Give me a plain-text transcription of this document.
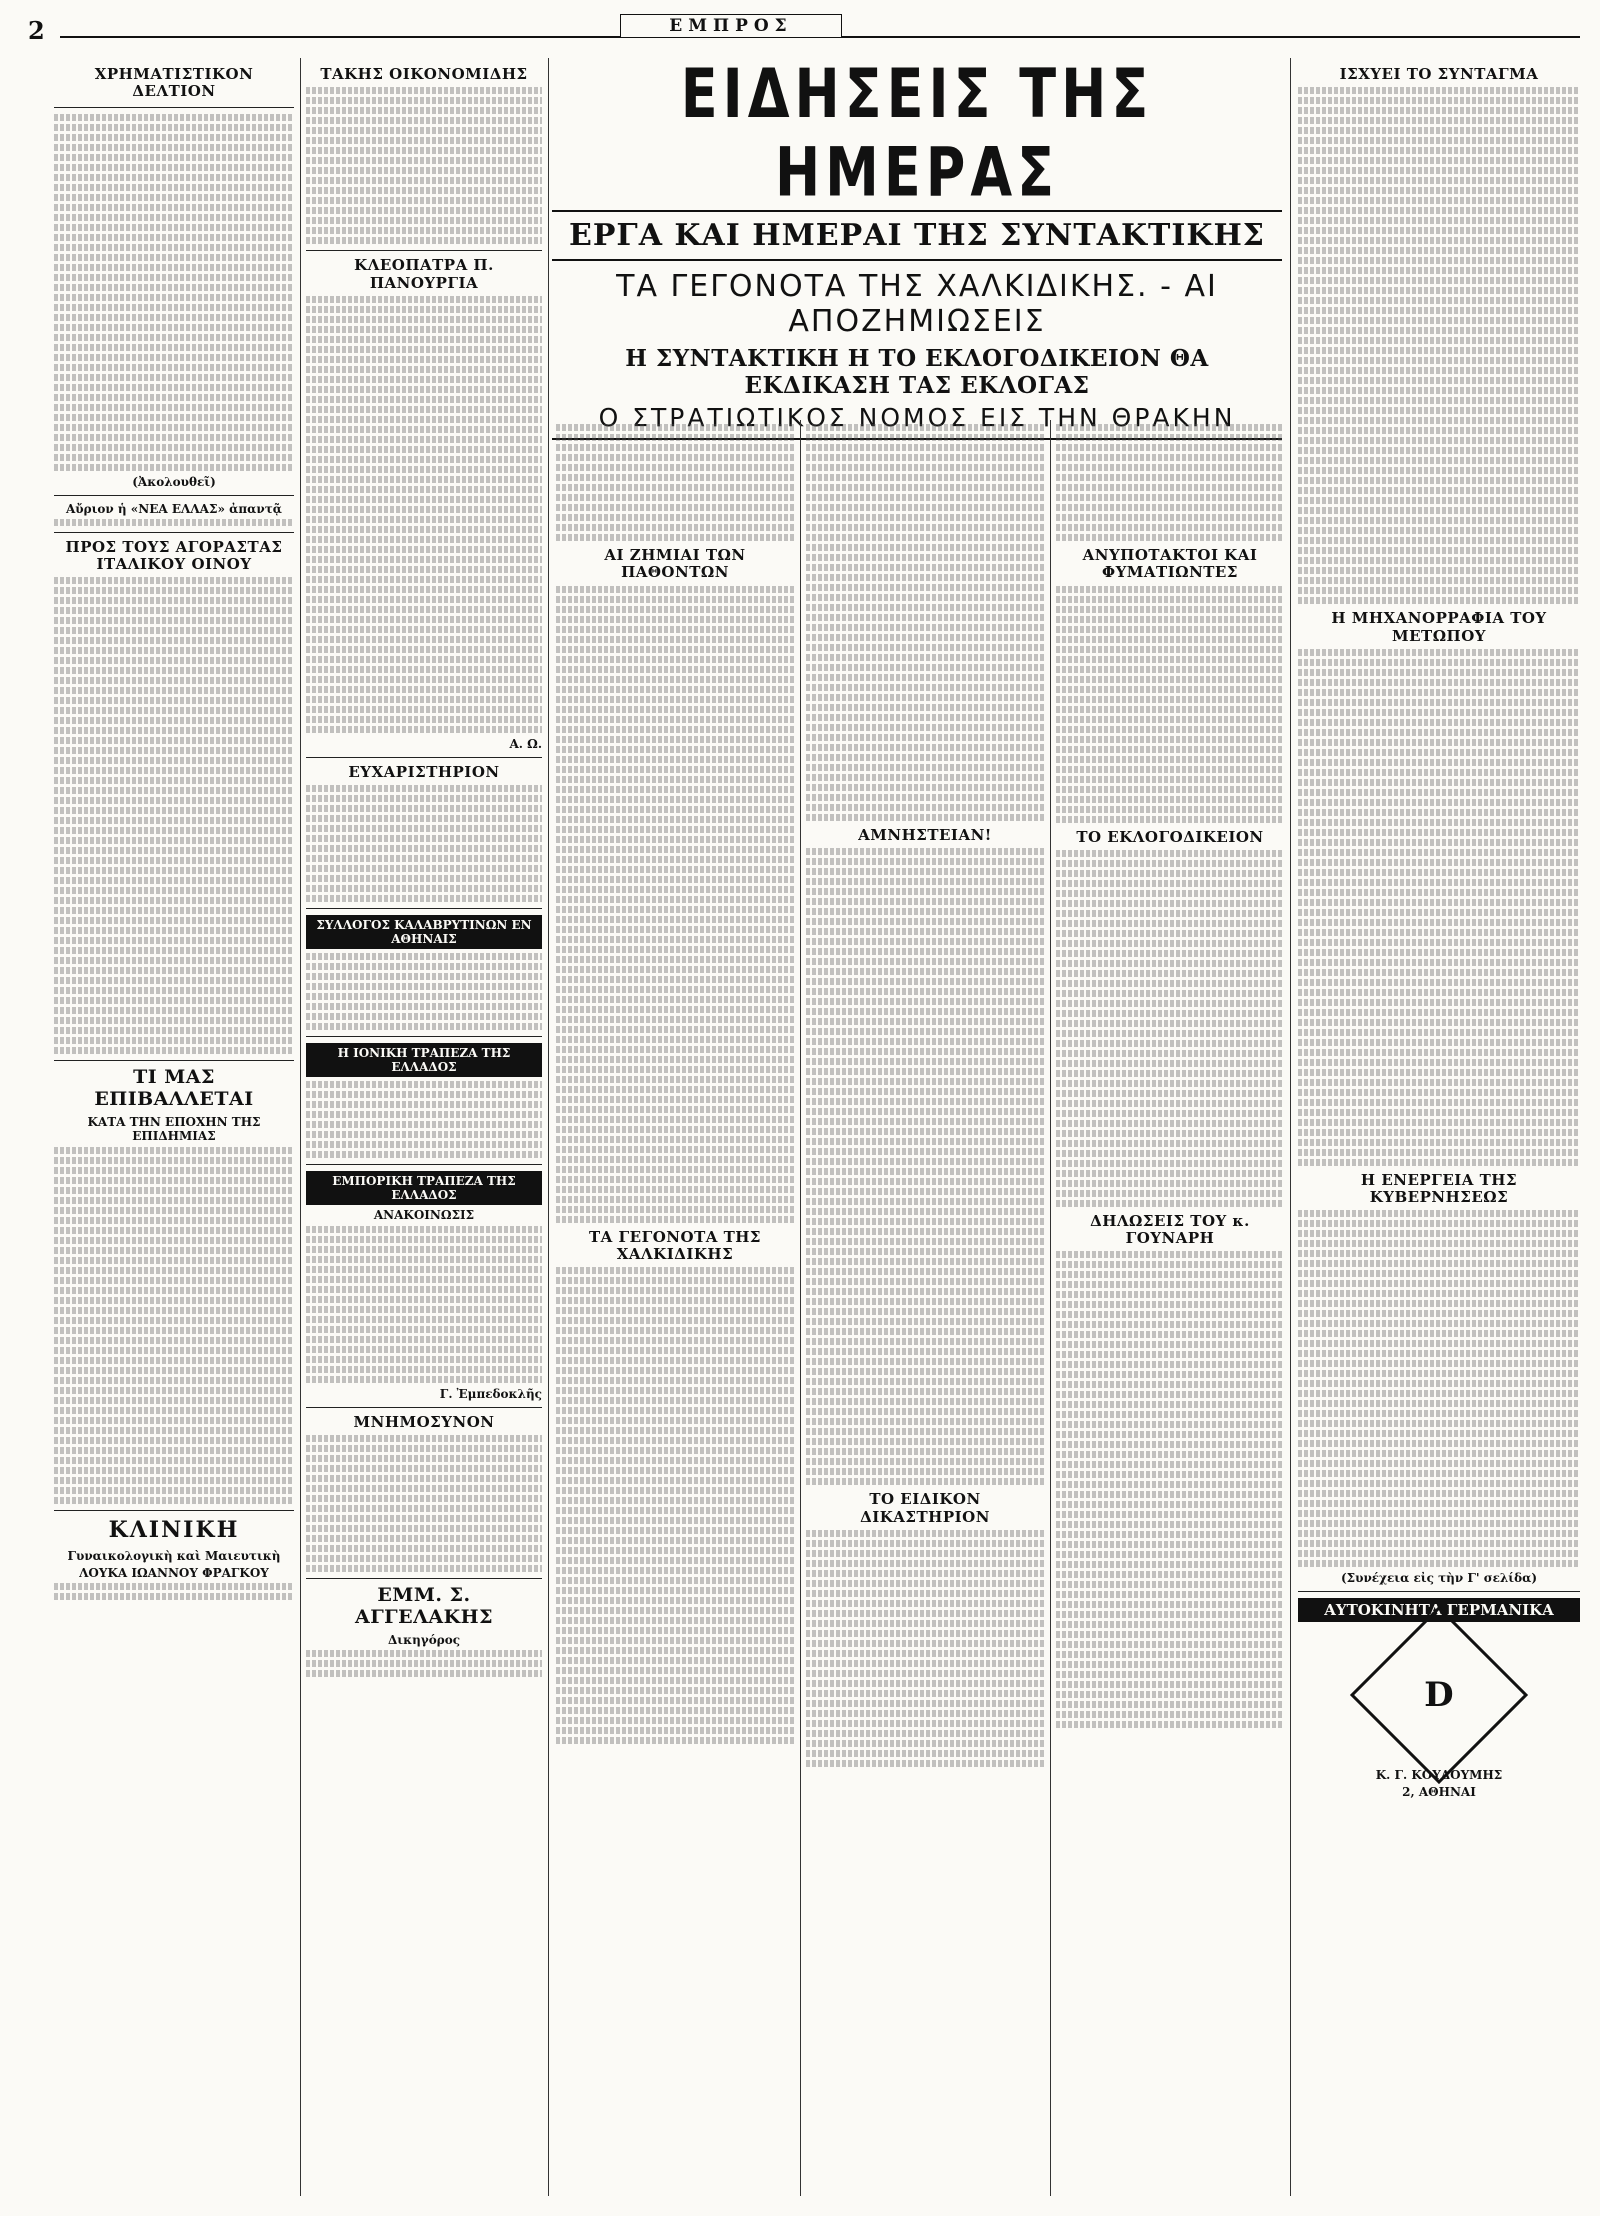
2	ΕΜΠΡΟΣ
ΧΡΗΜΑΤΙΣΤΙΚΟΝ ΔΕΛΤΙΟΝ
(Ἀκολουθεῖ)
Αὔριον ἡ «ΝΕΑ ΕΛΛΑΣ» ἀπαντᾷ
ΠΡΟΣ ΤΟΥΣ ΑΓΟΡΑΣΤΑΣ ΙΤΑΛΙΚΟΥ ΟΙΝΟΥ
ΤΙ ΜΑΣ ΕΠΙΒΑΛΛΕΤΑΙ
ΚΑΤΑ ΤΗΝ ΕΠΟΧΗΝ ΤΗΣ ΕΠΙΔΗΜΙΑΣ
ΚΛΙΝΙΚΗ
Γυναικολογικὴ καὶ Μαιευτικὴ
ΛΟΥΚΑ ΙΩΑΝΝΟΥ ΦΡΑΓΚΟΥ
ΤΑΚΗΣ ΟΙΚΟΝΟΜΙΔΗΣ
ΚΛΕΟΠΑΤΡΑ Π. ΠΑΝΟΥΡΓΙΑ
Α. Ω.
ΕΥΧΑΡΙΣΤΗΡΙΟΝ
ΣΥΛΛΟΓΟΣ ΚΑΛΑΒΡΥΤΙΝΩΝ ΕΝ ΑΘΗΝΑΙΣ
Η ΙΟΝΙΚΗ ΤΡΑΠΕΖΑ ΤΗΣ ΕΛΛΑΔΟΣ
ΕΜΠΟΡΙΚΗ ΤΡΑΠΕΖΑ ΤΗΣ ΕΛΛΑΔΟΣ
ΑΝΑΚΟΙΝΩΣΙΣ
Γ. Ἐμπεδοκλῆς
ΜΝΗΜΟΣΥΝΟΝ
ΕΜΜ. Σ. ΑΓΓΕΛΑΚΗΣ
Δικηγόρος
ΕΙΔΗΣΕΙΣ ΤΗΣ ΗΜΕΡΑΣ
ΕΡΓΑ ΚΑΙ ΗΜΕΡΑΙ ΤΗΣ ΣΥΝΤΑΚΤΙΚΗΣ
ΤΑ ΓΕΓΟΝΟΤΑ ΤΗΣ ΧΑΛΚΙΔΙΚΗΣ. - ΑΙ ΑΠΟΖΗΜΙΩΣΕΙΣ
Η ΣΥΝΤΑΚΤΙΚΗ Η ΤΟ ΕΚΛΟΓΟΔΙΚΕΙΟΝ ΘΑ ΕΚΔΙΚΑΣΗ ΤΑΣ ΕΚΛΟΓΑΣ
Ο ΣΤΡΑΤΙΩΤΙΚΟΣ ΝΟΜΟΣ ΕΙΣ ΤΗΝ ΘΡΑΚΗΝ
ΑΙ ΖΗΜΙΑΙ ΤΩΝ ΠΑΘΟΝΤΩΝ
ΤΑ ΓΕΓΟΝΟΤΑ ΤΗΣ ΧΑΛΚΙΔΙΚΗΣ
ΑΜΝΗΣΤΕΙΑΝ!
ΤΟ ΕΙΔΙΚΟΝ ΔΙΚΑΣΤΗΡΙΟΝ
ΑΝΥΠΟΤΑΚΤΟΙ ΚΑΙ ΦΥΜΑΤΙΩΝΤΕΣ
ΤΟ ΕΚΛΟΓΟΔΙΚΕΙΟΝ
ΔΗΛΩΣΕΙΣ ΤΟΥ κ. ΓΟΥΝΑΡΗ
ΙΣΧΥΕΙ ΤΟ ΣΥΝΤΑΓΜΑ
Η ΜΗΧΑΝΟΡΡΑΦΙΑ ΤΟΥ ΜΕΤΩΠΟΥ
Η ΕΝΕΡΓΕΙΑ ΤΗΣ ΚΥΒΕΡΝΗΣΕΩΣ
(Συνέχεια εἰς τὴν Γ' σελίδα)
ΑΥΤΟΚΙΝΗΤΑ ΓΕΡΜΑΝΙΚΑ
D
Κ. Γ. ΚΟΥΔΟΥΜΗΣ
2, ΑΘΗΝΑΙ
